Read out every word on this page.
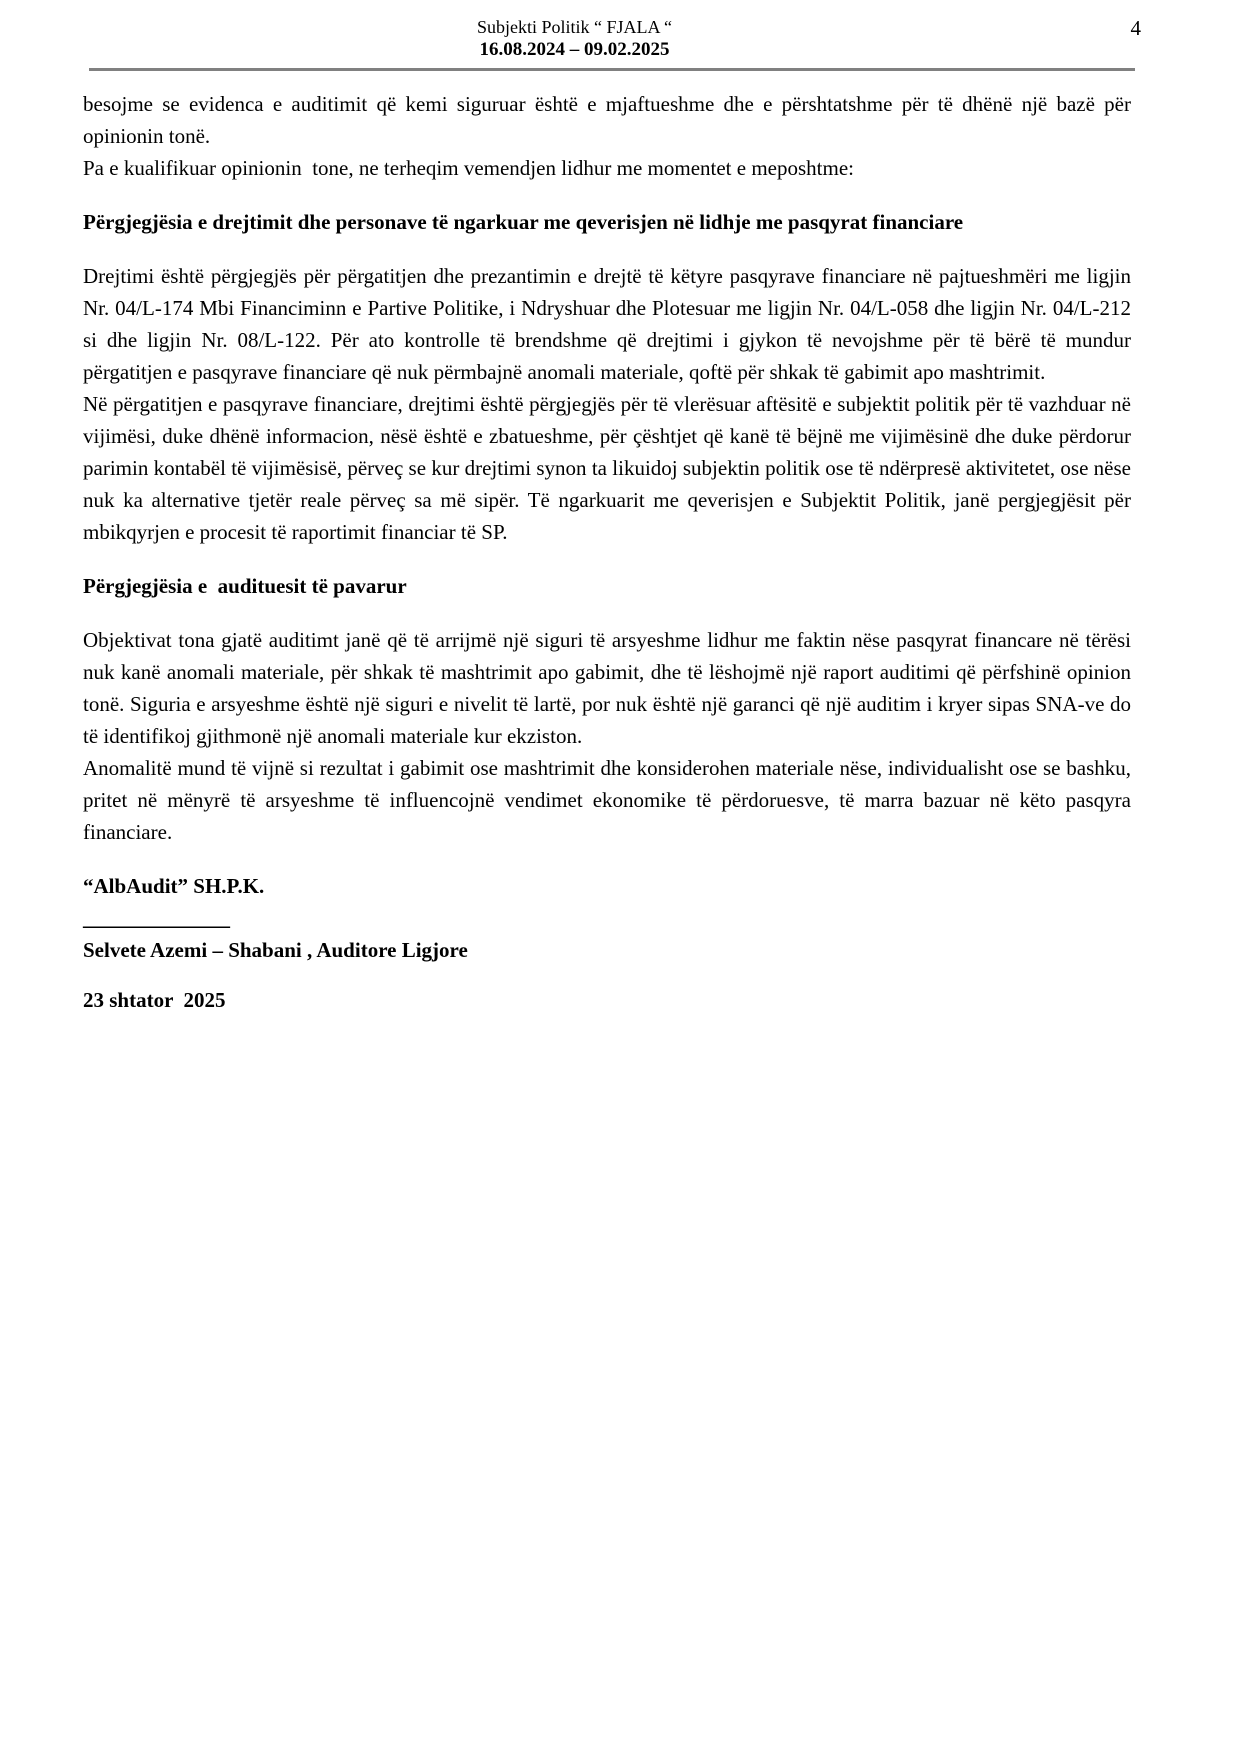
4
Subjekti Politik “ FJALA “
16.08.2024 – 09.02.2025

besojme se evidenca e auditimit që kemi siguruar është e mjaftueshme dhe e përshtatshme për të dhënë një bazë për opinionin tonë.

Pa e kualifikuar opinionin  tone, ne terheqim vemendjen lidhur me momentet e meposhtme:

Përgjegjësia e drejtimit dhe personave të ngarkuar me qeverisjen në lidhje me pasqyrat financiare

Drejtimi është përgjegjës për përgatitjen dhe prezantimin e drejtë të këtyre pasqyrave financiare në pajtueshmëri me ligjin Nr. 04/L-174 Mbi Financiminn e Partive Politike, i Ndryshuar dhe Plotesuar me ligjin Nr. 04/L-058 dhe ligjin Nr. 04/L-212 si dhe ligjin Nr. 08/L-122. Për ato kontrolle të brendshme që drejtimi i gjykon të nevojshme për të bërë të mundur përgatitjen e pasqyrave financiare që nuk përmbajnë anomali materiale, qoftë për shkak të gabimit apo mashtrimit.

Në përgatitjen e pasqyrave financiare, drejtimi është përgjegjës për të vlerësuar aftësitë e subjektit politik për të vazhduar në vijimësi, duke dhënë informacion, nësë është e zbatueshme, për çështjet që kanë të bëjnë me vijimësinë dhe duke përdorur parimin kontabël të vijimësisë, përveç se kur drejtimi synon ta likuidoj subjektin politik ose të ndërpresë aktivitetet, ose nëse nuk ka alternative tjetër reale përveç sa më sipër. Të ngarkuarit me qeverisjen e Subjektit Politik, janë pergjegjësit për mbikqyrjen e procesit të raportimit financiar të SP.

Përgjegjësia e  audituesit të pavarur

Objektivat tona gjatë auditimt janë që të arrijmë një siguri të arsyeshme lidhur me faktin nëse pasqyrat financare në tërësi nuk kanë anomali materiale, për shkak të mashtrimit apo gabimit, dhe të lëshojmë një raport auditimi që përfshinë opinion tonë. Siguria e arsyeshme është një siguri e nivelit të lartë, por nuk është një garanci që një auditim i kryer sipas SNA-ve do të identifikoj gjithmonë një anomali materiale kur ekziston.

Anomalitë mund të vijnë si rezultat i gabimit ose mashtrimit dhe konsiderohen materiale nëse, individualisht ose se bashku, pritet në mënyrë të arsyeshme të influencojnë vendimet ekonomike të përdoruesve, të marra bazuar në këto pasqyra financiare.

“AlbAudit” SH.P.K.

______________

Selvete Azemi – Shabani , Auditore Ligjore

23 shtator  2025
